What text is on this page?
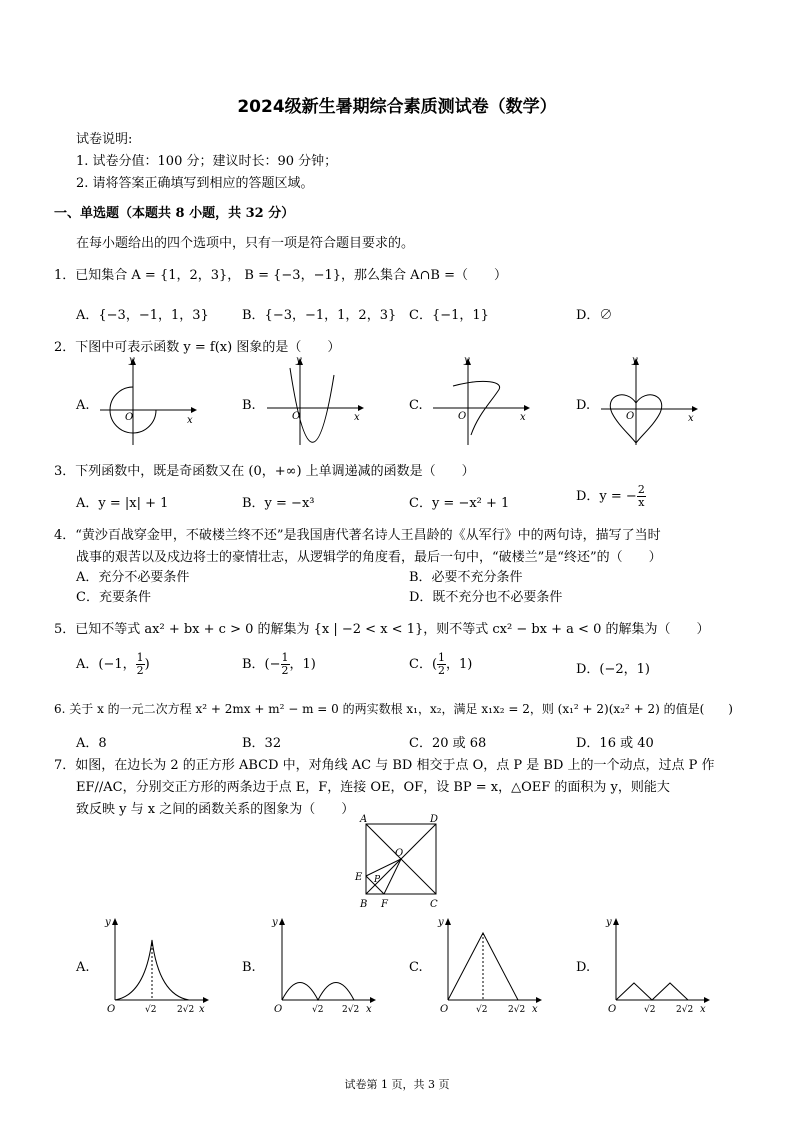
2024级新生暑期综合素质测试卷（数学）
试卷说明:
1. 试卷分值：100 分；建议时长：90 分钟；
2. 请将答案正确填写到相应的答题区域。
一、单选题（本题共 8 小题，共 32 分）
在每小题给出的四个选项中，只有一项是符合题目要求的。
1．已知集合 A = {1，2，3}， B = {−3，−1}，那么集合 A∩B =（　　）
A．{−3，−1，1，3}	B．{−3，−1，1，2，3} C．{−1，1}	D．∅
2．下图中可表示函数 y = f(x) 图象的是（　　）
A.	B.	C.	D.
y
x
O
y
x
O
y
x
O
y
x
O
3．下列函数中，既是奇函数又在 (0，+∞) 上单调递减的函数是（　　）
A．y = |x| + 1	B．y = −x³	C．y = −x² + 1	D．y = − $\frac{2}{x}$
4．“黄沙百战穿金甲，不破楼兰终不还”是我国唐代著名诗人王昌龄的《从军行》中的两句诗，描写了当时
战事的艰苦以及戍边将士的豪情壮志，从逻辑学的角度看，最后一句中，“破楼兰”是“终还”的（　　）
A．充分不必要条件	B．必要不充分条件
C．充要条件	D．既不充分也不必要条件
5．已知不等式 ax² + bx + c > 0 的解集为 {x | −2 < x < 1}，则不等式 cx² − bx + a < 0 的解集为（　　）
A．(−1， $\frac{1}{2}$ )	B．(− $\frac{1}{2}$ ，1)	C．( $\frac{1}{2}$ ，1)	D．(−2，1)
6. 关于 x 的一元二次方程 x² + 2mx + m² − m = 0 的两实数根 x₁，x₂，满足 x₁x₂ = 2，则 (x₁² + 2)(x₂² + 2) 的值是(　　)
A．8	B．32	C．20 或 68	D．16 或 40
7．如图，在边长为 2 的正方形 ABCD 中，对角线 AC 与 BD 相交于点 O，点 P 是 BD 上的一个动点，过点 P 作
EF//AC，分别交正方形的两条边于点 E，F，连接 OE，OF，设 BP = x，△OEF 的面积为 y，则能大
致反映 y 与 x 之间的函数关系的图象为（　　）
A	D
O
E P
B F	C
A.	B.	C.	D.
y
x
O	√2 2√2
y
x
O	√2 2√2
y
x
O	√2 2√2
y
x
O	√2 2√2
试卷第 1 页，共 3 页
